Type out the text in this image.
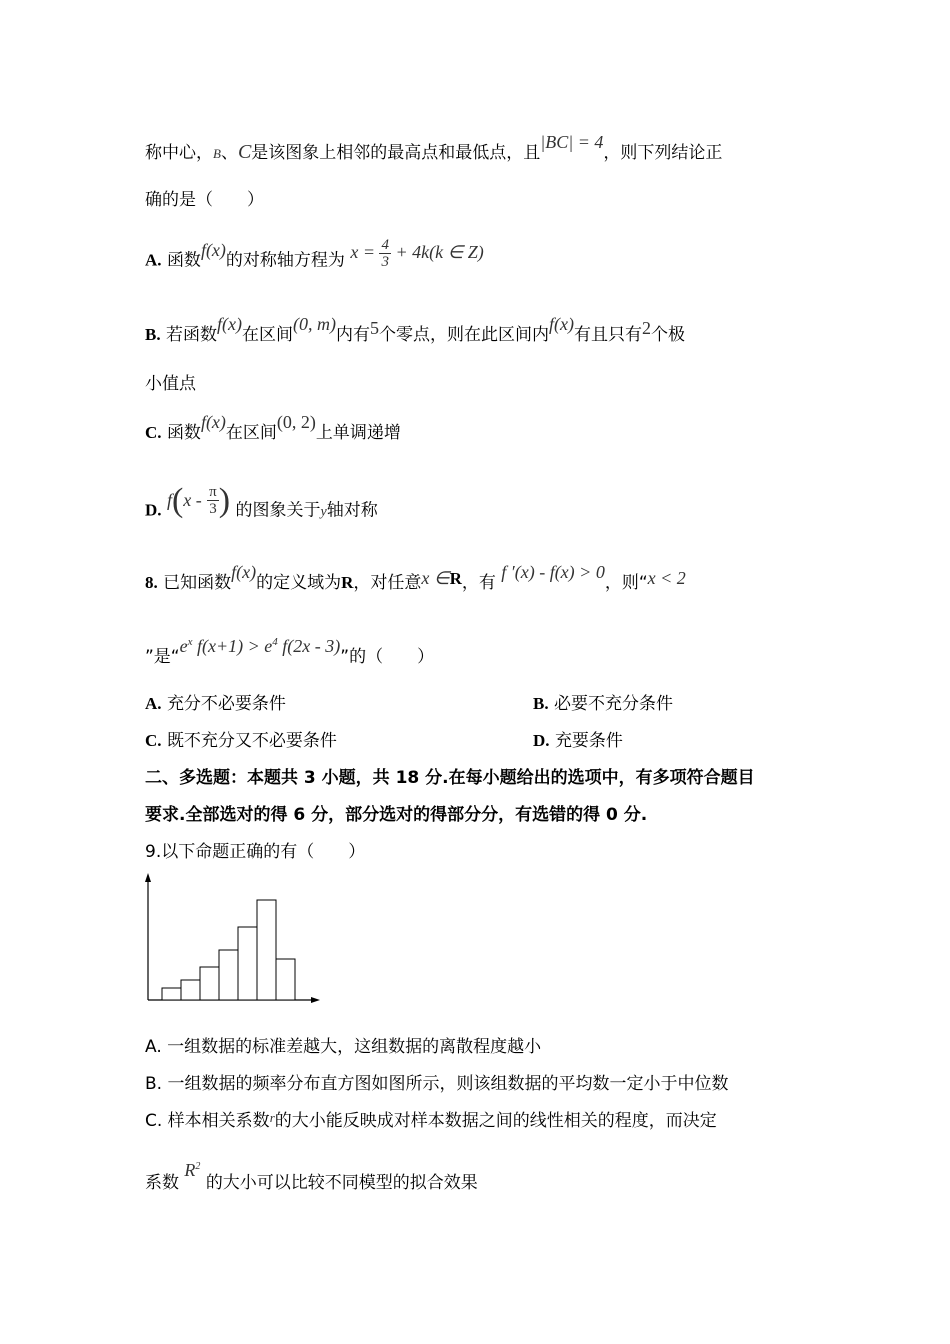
称中心，B、C是该图象上相邻的最高点和最低点，且|BC| = 4，则下列结论正
确的是（　　）
A. 函数f(x)的对称轴方程为 $x = \frac{4}{3} + 4k(k$ ∈ Z)
B. 若函数f(x)在区间(0, m)内有5个零点，则在此区间内f(x)有且只有2个极
小值点
C. 函数f(x)在区间(0, 2)上单调递增
D. $f(x - \frac{\pi}{3}$ ) 的图象关于y轴对称
8. 已知函数f(x)的定义域为R，对任意x ∈R，有 f ′(x) - f(x) > 0，则“x < 2
”是“$e^x$ $f(x+1) > e^4$ f(2x - 3)”的（　　）
A. 充分不必要条件	B. 必要不充分条件
C. 既不充分又不必要条件	D. 充要条件
二、多选题：本题共 3 小题，共 18 分.在每小题给出的选项中，有多项符合题目
要求.全部选对的得 6 分，部分选对的得部分分，有选错的得 0 分.
9.以下命题正确的有（　　）
A. 一组数据的标准差越大，这组数据的离散程度越小
B. 一组数据的频率分布直方图如图所示，则该组数据的平均数一定小于中位数
C. 样本相关系数$^r$的大小能反映成对样本数据之间的线性相关的程度，而决定
系数 $R^2$ 的大小可以比较不同模型的拟合效果
